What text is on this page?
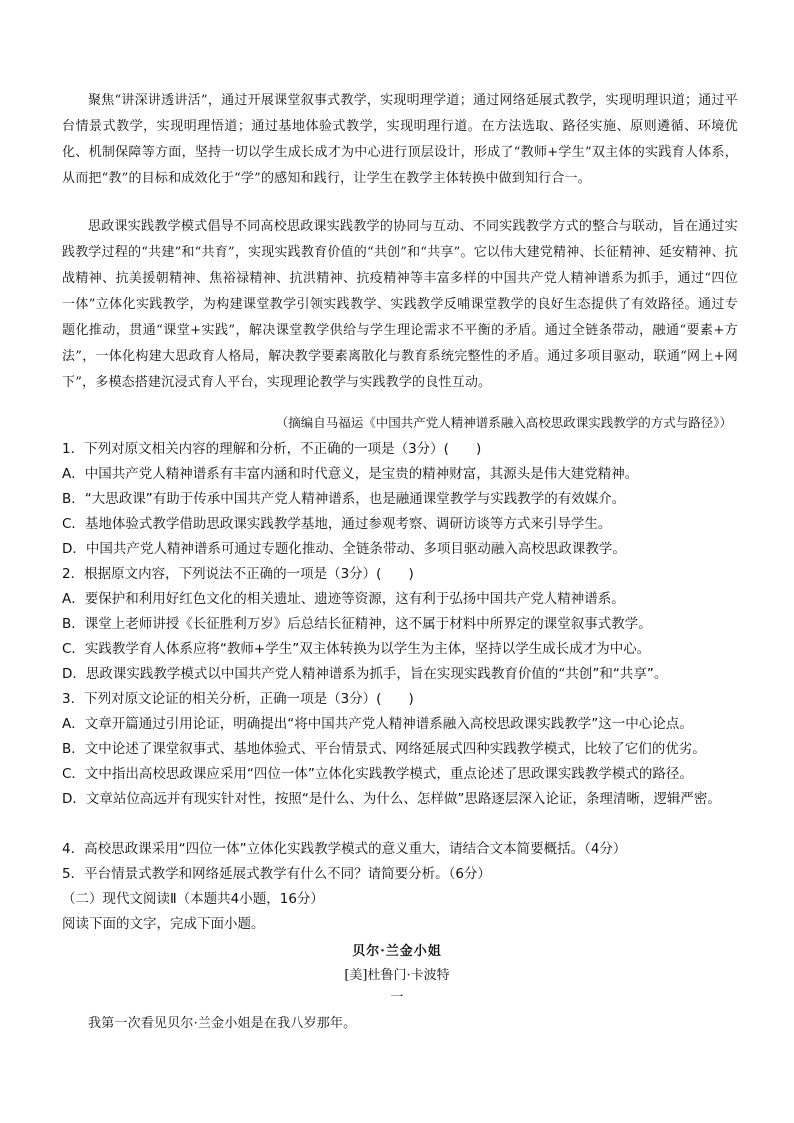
聚焦“讲深讲透讲活”，通过开展课堂叙事式教学，实现明理学道；通过网络延展式教学，实现明理识道；通过平台情景式教学，实现明理悟道；通过基地体验式教学，实现明理行道。在方法选取、路径实施、原则遴循、环境优化、机制保障等方面，坚持一切以学生成长成才为中心进行顶层设计，形成了“教师+学生”双主体的实践育人体系，从而把“教”的目标和成效化于“学”的感知和践行，让学生在教学主体转换中做到知行合一。

思政课实践教学模式倡导不同高校思政课实践教学的协同与互动、不同实践教学方式的整合与联动，旨在通过实践教学过程的“共建”和“共育”，实现实践教育价值的“共创”和“共享”。它以伟大建党精神、长征精神、延安精神、抗战精神、抗美援朝精神、焦裕禄精神、抗洪精神、抗疫精神等丰富多样的中国共产党人精神谱系为抓手，通过“四位一体”立体化实践教学，为构建课堂教学引领实践教学、实践教学反哺课堂教学的良好生态提供了有效路径。通过专题化推动，贯通“课堂+实践”，解决课堂教学供给与学生理论需求不平衡的矛盾。通过全链条带动，融通“要素+方法”，一体化构建大思政育人格局，解决教学要素离散化与教育系统完整性的矛盾。通过多项目驱动，联通“网上+网下”，多模态搭建沉浸式育人平台，实现理论教学与实践教学的良性互动。

（摘编自马福运《中国共产党人精神谱系融入高校思政课实践教学的方式与路径》）

1．下列对原文相关内容的理解和分析，不正确的一项是（3分）(　　)

A．中国共产党人精神谱系有丰富内涵和时代意义，是宝贵的精神财富，其源头是伟大建党精神。

B．“大思政课”有助于传承中国共产党人精神谱系，也是融通课堂教学与实践教学的有效媒介。

C．基地体验式教学借助思政课实践教学基地，通过参观考察、调研访谈等方式来引导学生。

D．中国共产党人精神谱系可通过专题化推动、全链条带动、多项目驱动融入高校思政课教学。

2．根据原文内容，下列说法不正确的一项是（3分）(　　)

A．要保护和利用好红色文化的相关遗址、遗迹等资源，这有利于弘扬中国共产党人精神谱系。

B．课堂上老师讲授《长征胜利万岁》后总结长征精神，这不属于材料中所界定的课堂叙事式教学。

C．实践教学育人体系应将“教师+学生”双主体转换为以学生为主体，坚持以学生成长成才为中心。

D．思政课实践教学模式以中国共产党人精神谱系为抓手，旨在实现实践教育价值的“共创”和“共享”。

3．下列对原文论证的相关分析，正确一项是（3分）(　　)

A．文章开篇通过引用论证，明确提出“将中国共产党人精神谱系融入高校思政课实践教学”这一中心论点。

B．文中论述了课堂叙事式、基地体验式、平台情景式、网络延展式四种实践教学模式，比较了它们的优劣。

C．文中指出高校思政课应采用“四位一体”立体化实践教学模式，重点论述了思政课实践教学模式的路径。

D．文章站位高远并有现实针对性，按照“是什么、为什么、怎样做”思路逐层深入论证，条理清晰，逻辑严密。

4．高校思政课采用“四位一体”立体化实践教学模式的意义重大，请结合文本简要概括。（4分）

5．平台情景式教学和网络延展式教学有什么不同？请简要分析。（6分）

（二）现代文阅读Ⅱ（本题共4小题，16分）

阅读下面的文字，完成下面小题。

贝尔·兰金小姐

[美]杜鲁门·卡波特

一

我第一次看见贝尔·兰金小姐是在我八岁那年。
